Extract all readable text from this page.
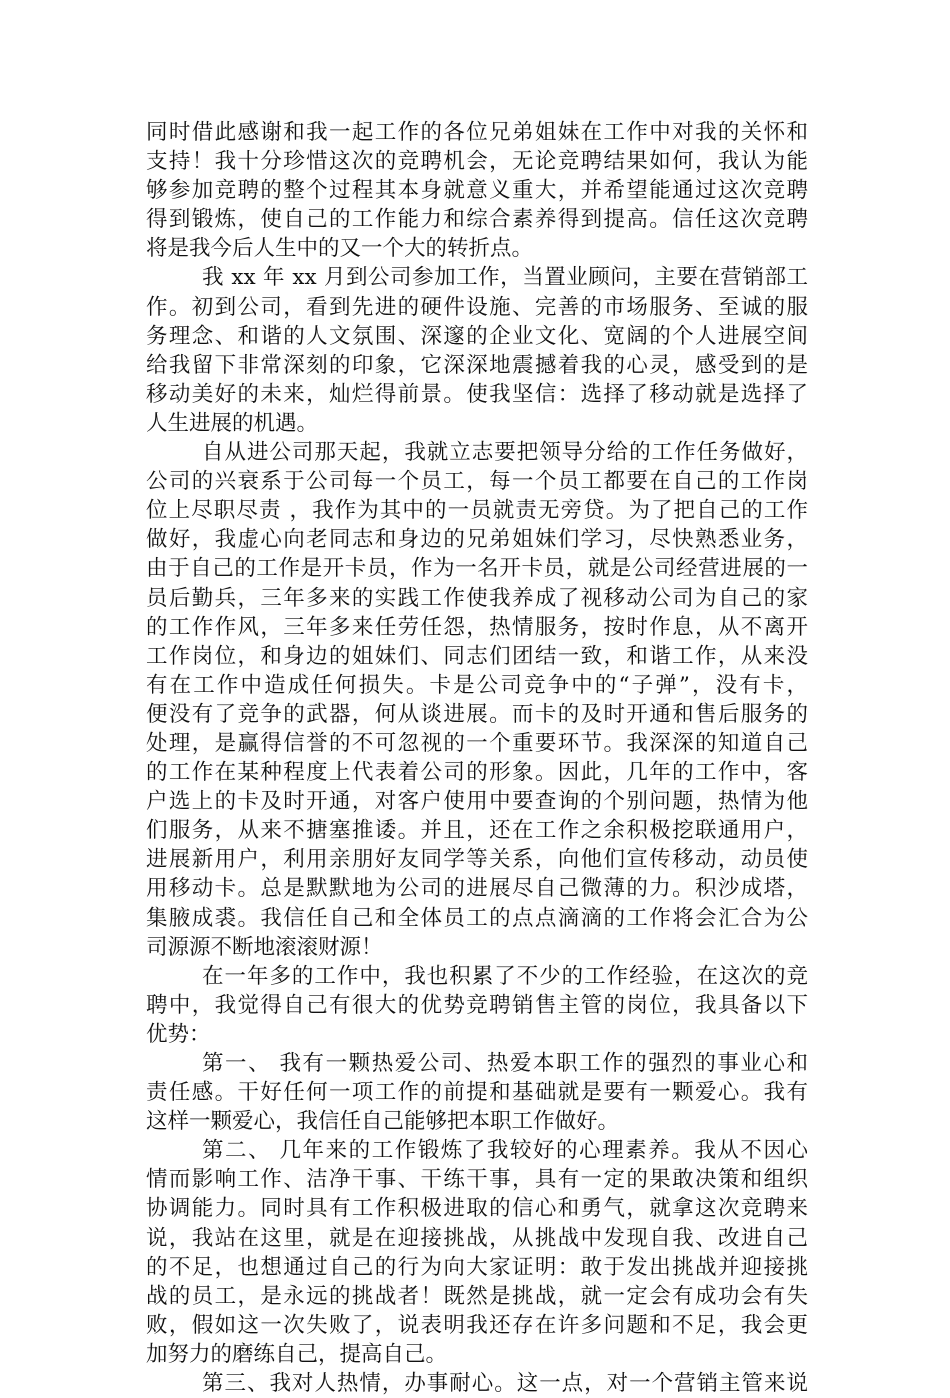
同时借此感谢和我一起工作的各位兄弟姐妹在工作中对我的关怀和
支持！我十分珍惜这次的竞聘机会，无论竞聘结果如何，我认为能
够参加竞聘的整个过程其本身就意义重大，并希望能通过这次竞聘
得到锻炼，使自己的工作能力和综合素养得到提高。信任这次竞聘
将是我今后人生中的又一个大的转折点。
我 xx 年 xx 月到公司参加工作，当置业顾问，主要在营销部工
作。初到公司，看到先进的硬件设施、完善的市场服务、至诚的服
务理念、和谐的人文氛围、深邃的企业文化、宽阔的个人进展空间
给我留下非常深刻的印象，它深深地震撼着我的心灵，感受到的是
移动美好的未来，灿烂得前景。使我坚信：选择了移动就是选择了
人生进展的机遇。
自从进公司那天起，我就立志要把领导分给的工作任务做好，
公司的兴衰系于公司每一个员工，每一个员工都要在自己的工作岗
位上尽职尽责 ，我作为其中的一员就责无旁贷。为了把自己的工作
做好，我虚心向老同志和身边的兄弟姐妹们学习，尽快熟悉业务，
由于自己的工作是开卡员，作为一名开卡员，就是公司经营进展的一
员后勤兵，三年多来的实践工作使我养成了视移动公司为自己的家
的工作作风，三年多来任劳任怨，热情服务，按时作息，从不离开
工作岗位，和身边的姐妹们、同志们团结一致，和谐工作，从来没
有在工作中造成任何损失。卡是公司竞争中的“子弹”，没有卡，
便没有了竞争的武器，何从谈进展。而卡的及时开通和售后服务的
处理，是赢得信誉的不可忽视的一个重要环节。我深深的知道自己
的工作在某种程度上代表着公司的形象。因此，几年的工作中，客
户选上的卡及时开通，对客户使用中要查询的个别问题，热情为他
们服务，从来不搪塞推诿。并且，还在工作之余积极挖联通用户，
进展新用户，利用亲朋好友同学等关系，向他们宣传移动，动员使
用移动卡。总是默默地为公司的进展尽自己微薄的力。积沙成塔，
集腋成裘。我信任自己和全体员工的点点滴滴的工作将会汇合为公
司源源不断地滚滚财源！
在一年多的工作中，我也积累了不少的工作经验，在这次的竞
聘中，我觉得自己有很大的优势竞聘销售主管的岗位，我具备以下
优势：
第一、 我有一颗热爱公司、热爱本职工作的强烈的事业心和
责任感。干好任何一项工作的前提和基础就是要有一颗爱心。我有
这样一颗爱心，我信任自己能够把本职工作做好。
第二、 几年来的工作锻炼了我较好的心理素养。我从不因心
情而影响工作、洁净干事、干练干事，具有一定的果敢决策和组织
协调能力。同时具有工作积极进取的信心和勇气，就拿这次竞聘来
说，我站在这里，就是在迎接挑战，从挑战中发现自我、改进自己
的不足，也想通过自己的行为向大家证明：敢于发出挑战并迎接挑
战的员工，是永远的挑战者！既然是挑战，就一定会有成功会有失
败，假如这一次失败了，说表明我还存在许多问题和不足，我会更
加努力的磨练自己，提高自己。
第三、我对人热情，办事耐心。这一点，对一个营销主管来说
